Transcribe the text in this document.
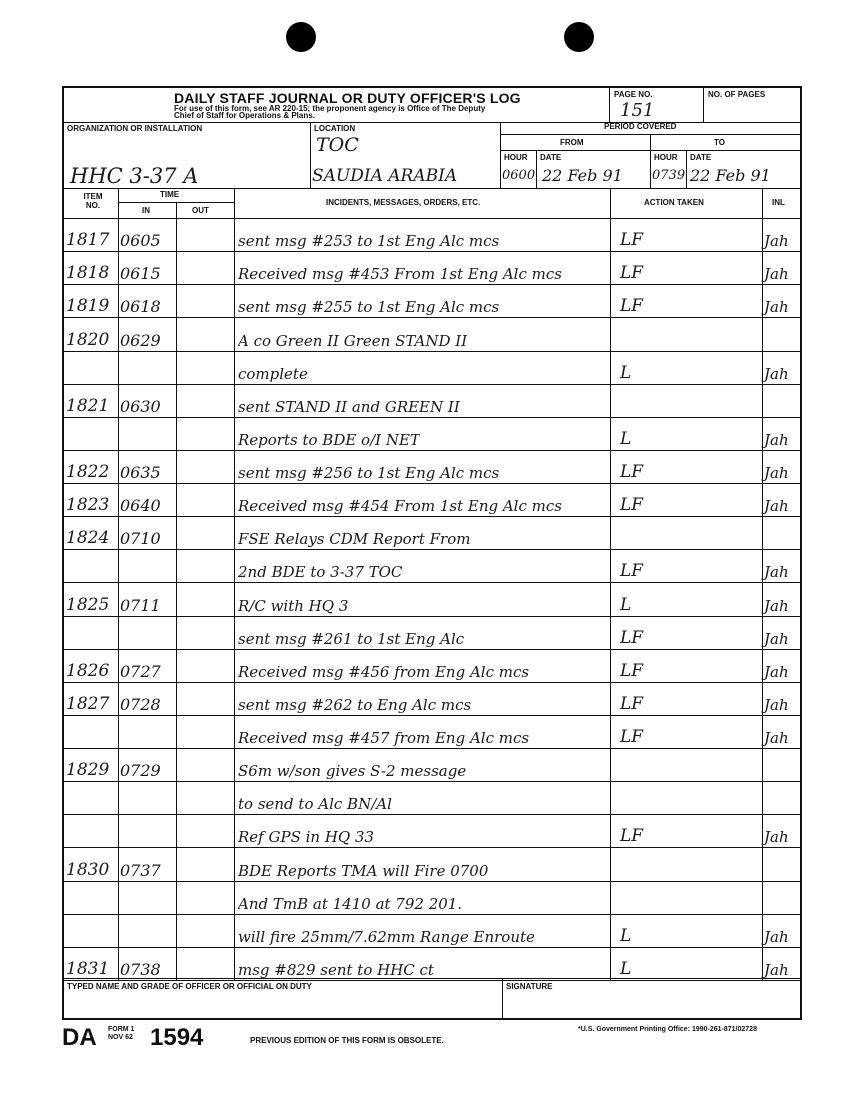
DAILY STAFF JOURNAL OR DUTY OFFICER'S LOG
For use of this form, see AR 220-15; the proponent agency is Office of The Deputy Chief of Staff for Operations & Plans.
PAGE NO.
151
NO. OF PAGES
ORGANIZATION OR INSTALLATION
HHC 3-37 A
LOCATION
TOC
SAUDIA ARABIA
PERIOD COVERED
FROM	TO
HOUR DATE	HOUR DATE
0600 22 Feb 91 0739 22 Feb 91
ITEM NO.
TIME
IN	OUT
INCIDENTS, MESSAGES, ORDERS, ETC.	ACTION TAKEN	INL
1817 0605	sent msg #253 to 1st Eng Alc mcs	LF	Jah
1818 0615	Received msg #453 From 1st Eng Alc mcs	LF	Jah
1819 0618	sent msg #255 to 1st Eng Alc mcs	LF	Jah
1820 0629	A co Green II Green STAND II
complete	L	Jah
1821 0630	sent STAND II and GREEN II
Reports to BDE o/I NET	L	Jah
1822 0635	sent msg #256 to 1st Eng Alc mcs	LF	Jah
1823 0640	Received msg #454 From 1st Eng Alc mcs	LF	Jah
1824 0710	FSE Relays CDM Report From
2nd BDE to 3-37 TOC	LF	Jah
1825 0711	R/C with HQ 3	L	Jah
sent msg #261 to 1st Eng Alc	LF	Jah
1826 0727	Received msg #456 from Eng Alc mcs	LF	Jah
1827 0728	sent msg #262 to Eng Alc mcs	LF	Jah
Received msg #457 from Eng Alc mcs	LF	Jah
1829 0729	S6m w/son gives S-2 message
to send to Alc BN/Al
Ref GPS in HQ 33	LF	Jah
1830 0737	BDE Reports TMA will Fire 0700
And TmB at 1410 at 792 201.
will fire 25mm/7.62mm Range Enroute	L	Jah
1831 0738	msg #829 sent to HHC ct	L	Jah
TYPED NAME AND GRADE OF OFFICER OR OFFICIAL ON DUTY	SIGNATURE
DA FORM 1 NOV 62 1594	PREVIOUS EDITION OF THIS FORM IS OBSOLETE.
*U.S. Government Printing Office: 1990-261-871/02728
